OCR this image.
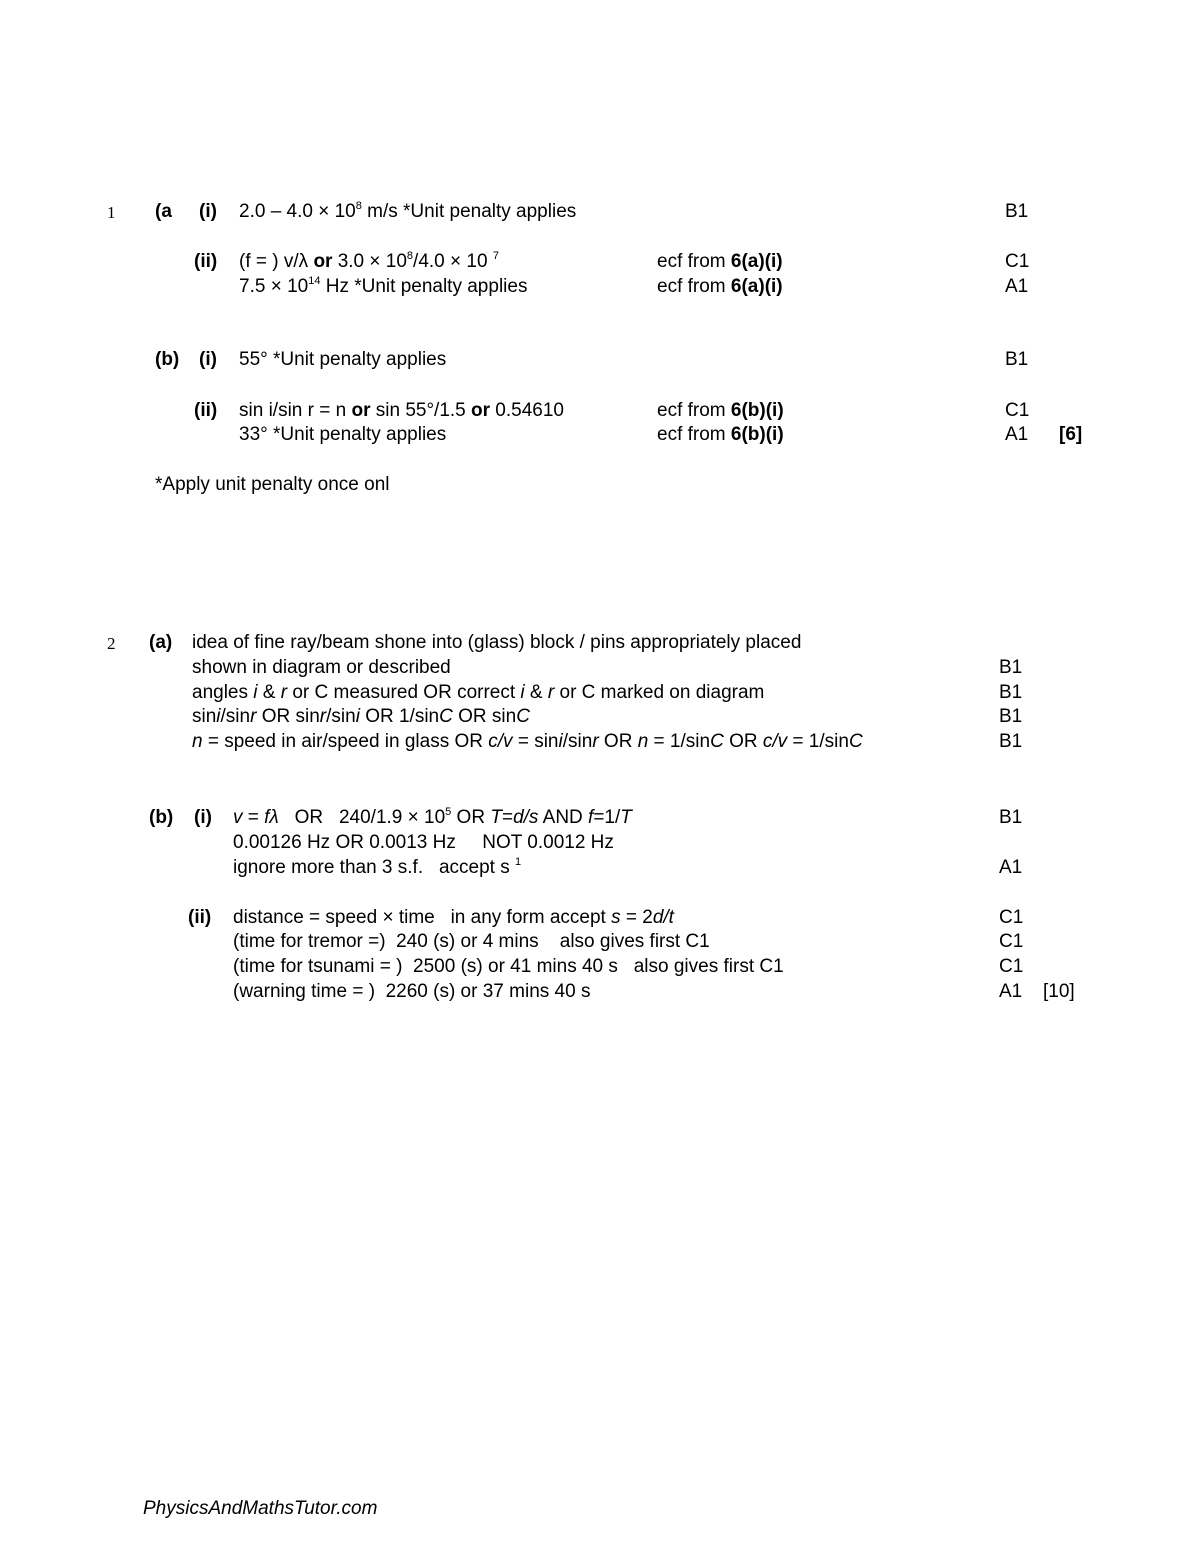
1 (a (i) $2.0 - 4.0 \times 10^8$ m/s *Unit penalty applies	B1
(ii) (f = ) v/λ or $3.0 \times 10^8/4.0 \times 10$ $^7$	ecf from 6(a)(i)	C1
$7.5 \times 10^{14}$ Hz *Unit penalty applies	ecf from 6(a)(i)	A1
(b) (i) 55° *Unit penalty applies	B1
(ii) sin i/sin r = n or sin 55°/1.5 or 0.54610	ecf from 6(b)(i)	C1
33° *Unit penalty applies	ecf from 6(b)(i)	A1 [6]
*Apply unit penalty once onl
2 (a) idea of fine ray/beam shone into (glass) block / pins appropriately placed
shown in diagram or described	B1
angles i & r or C measured OR correct i & r or C marked on diagram	B1
sini/sinr OR sinr/sini OR 1/sinC OR sinC	B1
n = speed in air/speed in glass OR c/v = sini/sinr OR n = 1/sinC OR c/v = 1/sinC	B1
(b) (i) v = fλ   OR   $240/1.9 \times 10^5$ OR T=d/s AND f=1/T	B1
0.00126 Hz OR 0.0013 Hz     NOT 0.0012 Hz
ignore more than 3 s.f.   accept s $^1$	A1
(ii) distance = speed × time   in any form accept s = 2d/t	C1
(time for tremor =)  240 (s) or 4 mins    also gives first C1	C1
(time for tsunami = )  2500 (s) or 41 mins 40 s   also gives first C1	C1
(warning time = )  2260 (s) or 37 mins 40 s	A1 [10]
PhysicsAndMathsTutor.com
